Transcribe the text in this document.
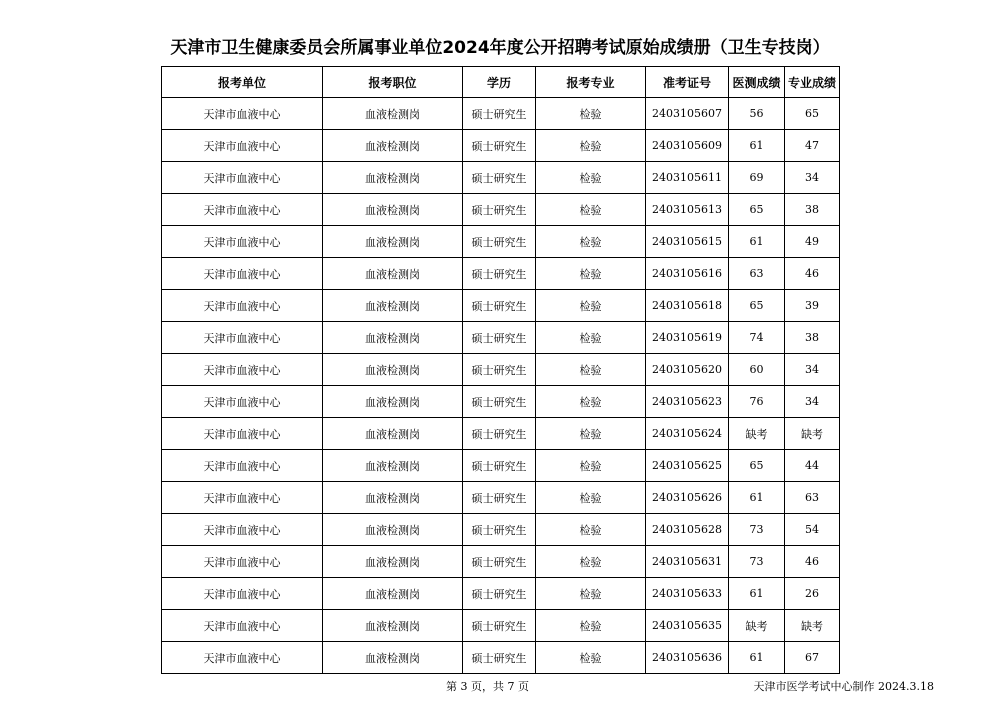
天津市卫生健康委员会所属事业单位2024年度公开招聘考试原始成绩册（卫生专技岗）
报考单位	报考职位	学历	报考专业	准考证号	医测成绩	专业成绩
天津市血液中心	血液检测岗	硕士研究生	检验	2403105607	56	65
天津市血液中心	血液检测岗	硕士研究生	检验	2403105609	61	47
天津市血液中心	血液检测岗	硕士研究生	检验	2403105611	69	34
天津市血液中心	血液检测岗	硕士研究生	检验	2403105613	65	38
天津市血液中心	血液检测岗	硕士研究生	检验	2403105615	61	49
天津市血液中心	血液检测岗	硕士研究生	检验	2403105616	63	46
天津市血液中心	血液检测岗	硕士研究生	检验	2403105618	65	39
天津市血液中心	血液检测岗	硕士研究生	检验	2403105619	74	38
天津市血液中心	血液检测岗	硕士研究生	检验	2403105620	60	34
天津市血液中心	血液检测岗	硕士研究生	检验	2403105623	76	34
天津市血液中心	血液检测岗	硕士研究生	检验	2403105624	缺考	缺考
天津市血液中心	血液检测岗	硕士研究生	检验	2403105625	65	44
天津市血液中心	血液检测岗	硕士研究生	检验	2403105626	61	63
天津市血液中心	血液检测岗	硕士研究生	检验	2403105628	73	54
天津市血液中心	血液检测岗	硕士研究生	检验	2403105631	73	46
天津市血液中心	血液检测岗	硕士研究生	检验	2403105633	61	26
天津市血液中心	血液检测岗	硕士研究生	检验	2403105635	缺考	缺考
天津市血液中心	血液检测岗	硕士研究生	检验	2403105636	61	67
第 3 页，共 7 页	天津市医学考试中心制作 2024.3.18
